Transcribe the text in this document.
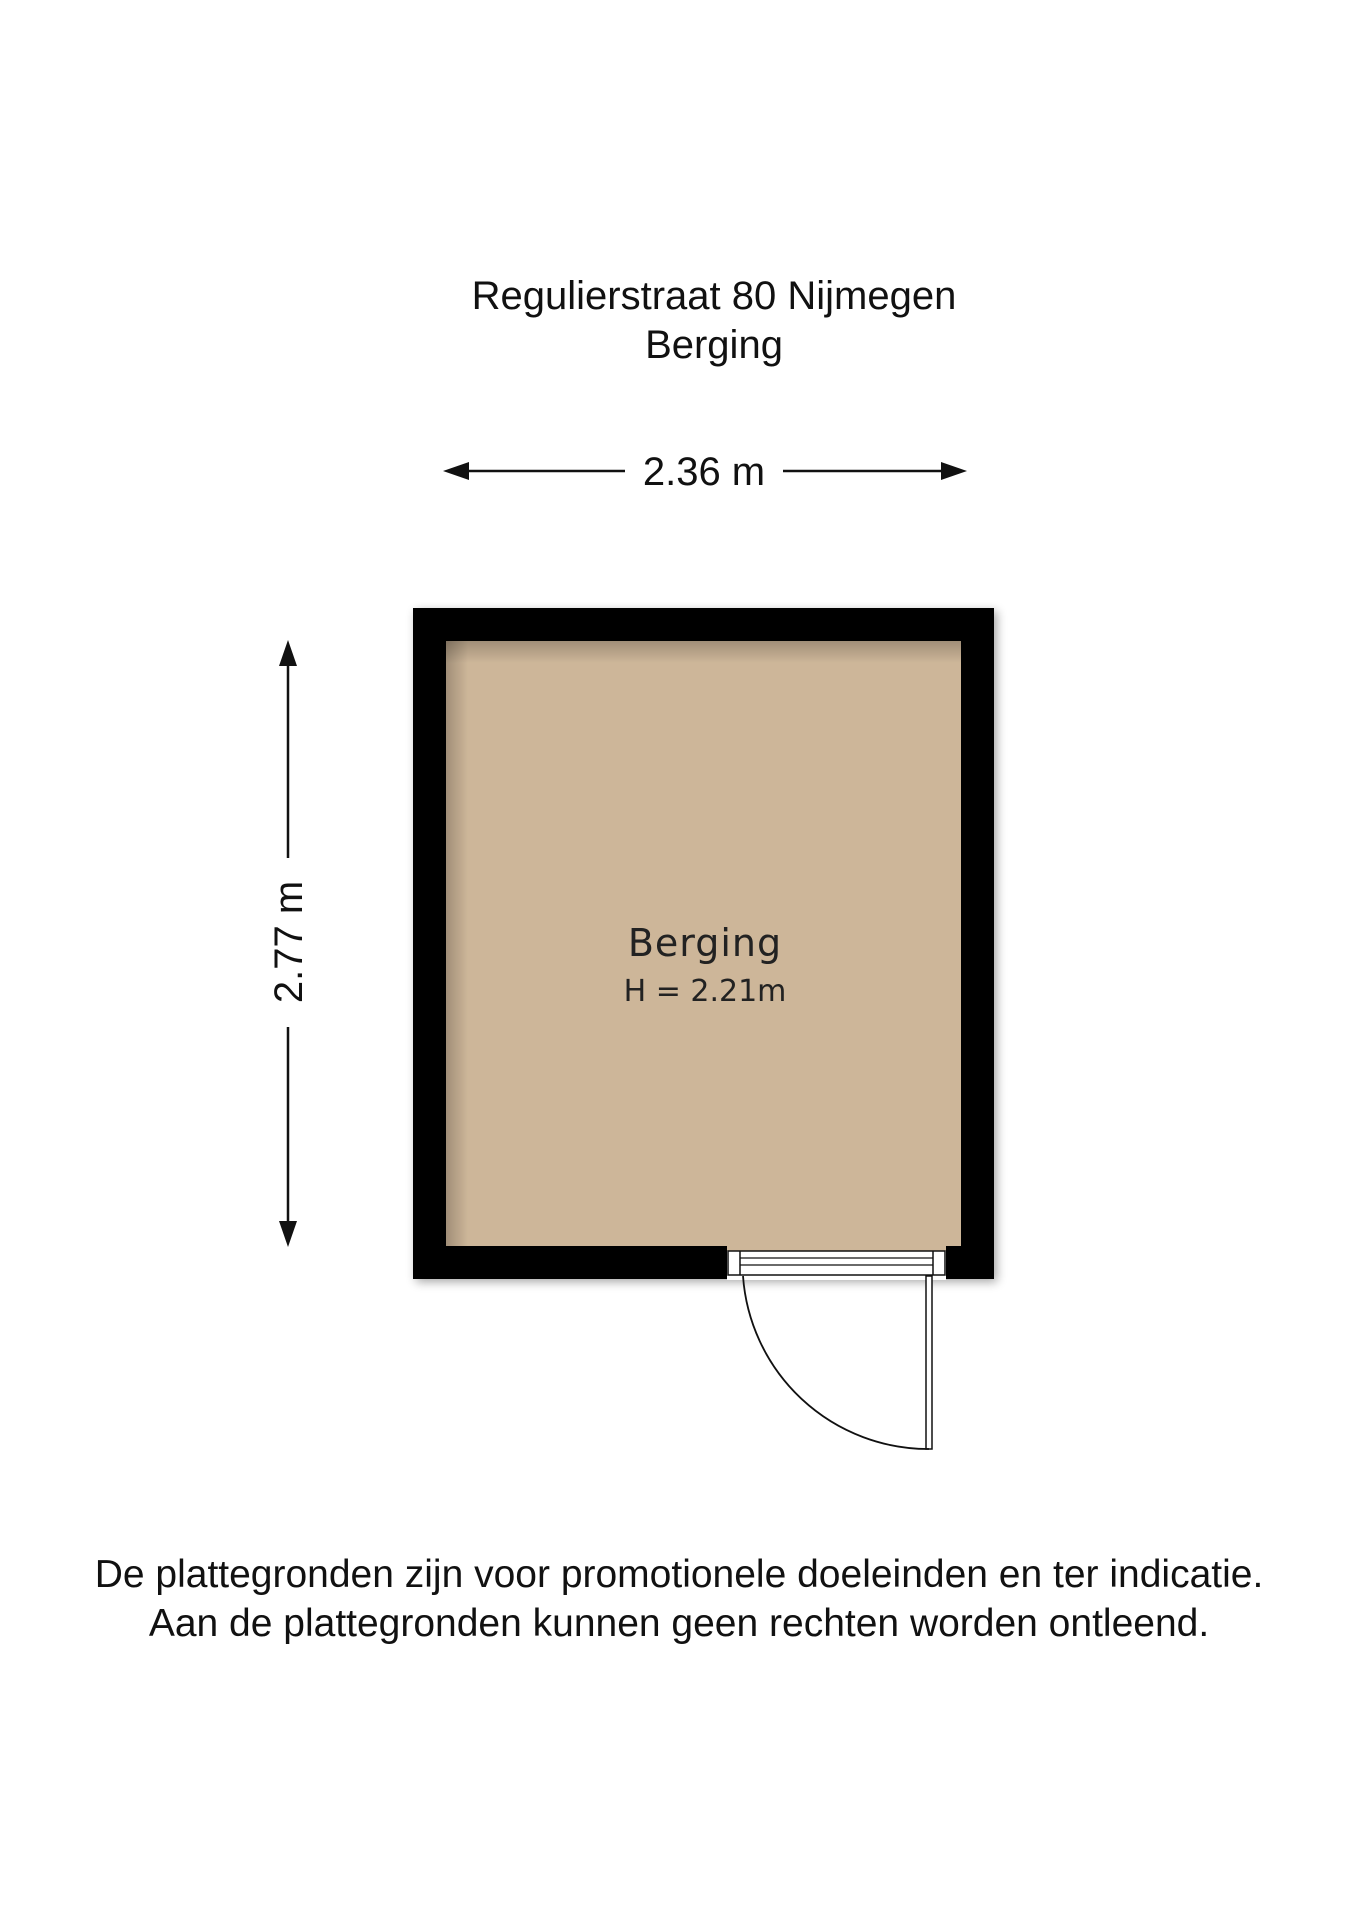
Regulierstraat 80 Nijmegen
Berging
2.36 m
2.77 m	Berging
H = 2.21m
De plattegronden zijn voor promotionele doeleinden en ter indicatie.
Aan de plattegronden kunnen geen rechten worden ontleend.
